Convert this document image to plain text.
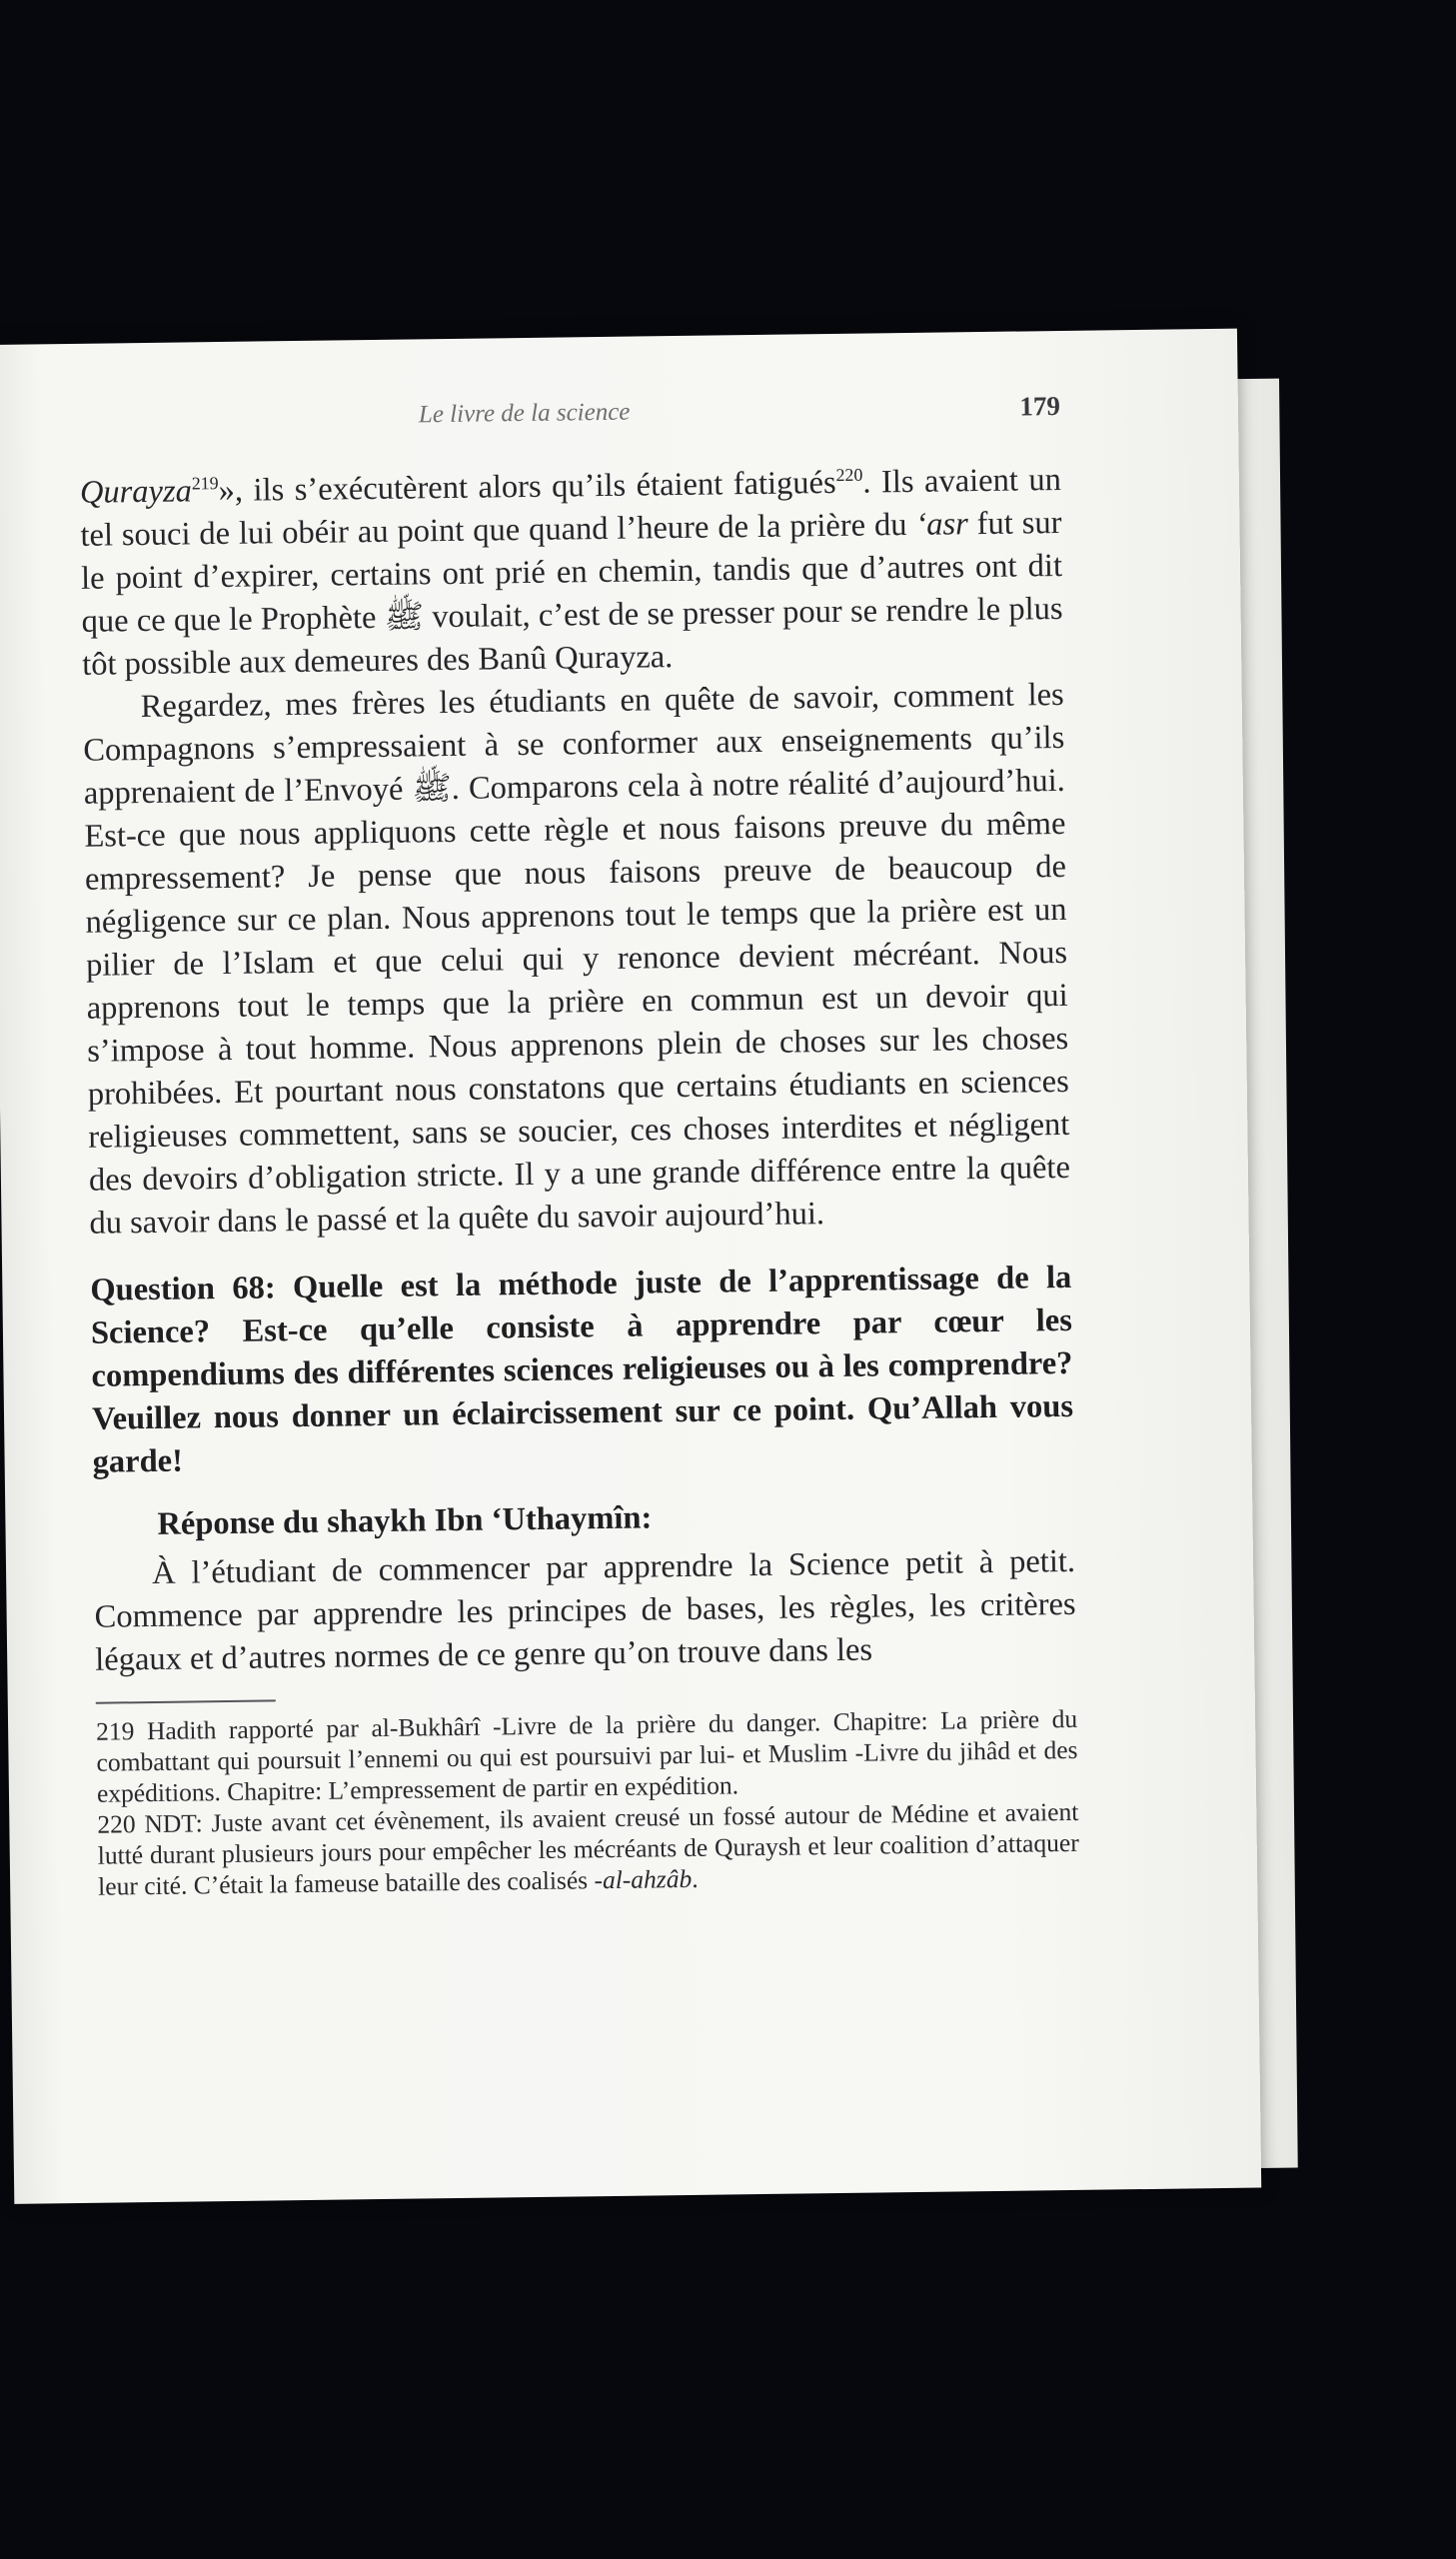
Le livre de la science	179

Qurayza$^{219}$», ils s’exécutèrent alors qu’ils étaient fatigués$^{220}$. Ils avaient un tel souci de lui obéir au point que quand l’heure de la prière du ‘asr fut sur le point d’expirer, certains ont prié en chemin, tandis que d’autres ont dit que ce que le Prophète ﷺ voulait, c’est de se presser pour se rendre le plus tôt possible aux demeures des Banû Qurayza.

Regardez, mes frères les étudiants en quête de savoir, comment les Compagnons s’empressaient à se conformer aux enseignements qu’ils apprenaient de l’Envoyé ﷺ. Comparons cela à notre réalité d’aujourd’hui. Est-ce que nous appliquons cette règle et nous faisons preuve du même empressement? Je pense que nous faisons preuve de beaucoup de négligence sur ce plan. Nous apprenons tout le temps que la prière est un pilier de l’Islam et que celui qui y renonce devient mécréant. Nous apprenons tout le temps que la prière en commun est un devoir qui s’impose à tout homme. Nous apprenons plein de choses sur les choses prohibées. Et pourtant nous constatons que certains étudiants en sciences religieuses commettent, sans se soucier, ces choses interdites et négligent des devoirs d’obligation stricte. Il y a une grande différence entre la quête du savoir dans le passé et la quête du savoir aujourd’hui.

Question 68: Quelle est la méthode juste de l’apprentissage de la Science? Est-ce qu’elle consiste à apprendre par cœur les compendiums des différentes sciences religieuses ou à les comprendre? Veuillez nous donner un éclaircissement sur ce point. Qu’Allah vous garde!

Réponse du shaykh Ibn ‘Uthaymîn:

À l’étudiant de commencer par apprendre la Science petit à petit. Commence par apprendre les principes de bases, les règles, les critères légaux et d’autres normes de ce genre qu’on trouve dans les

219 Hadith rapporté par al-Bukhârî -Livre de la prière du danger. Chapitre: La prière du combattant qui poursuit l’ennemi ou qui est poursuivi par lui- et Muslim -Livre du jihâd et des expéditions. Chapitre: L’empressement de partir en expédition.

220 NDT: Juste avant cet évènement, ils avaient creusé un fossé autour de Médine et avaient lutté durant plusieurs jours pour empêcher les mécréants de Quraysh et leur coalition d’attaquer leur cité. C’était la fameuse bataille des coalisés -al-ahzâb.
